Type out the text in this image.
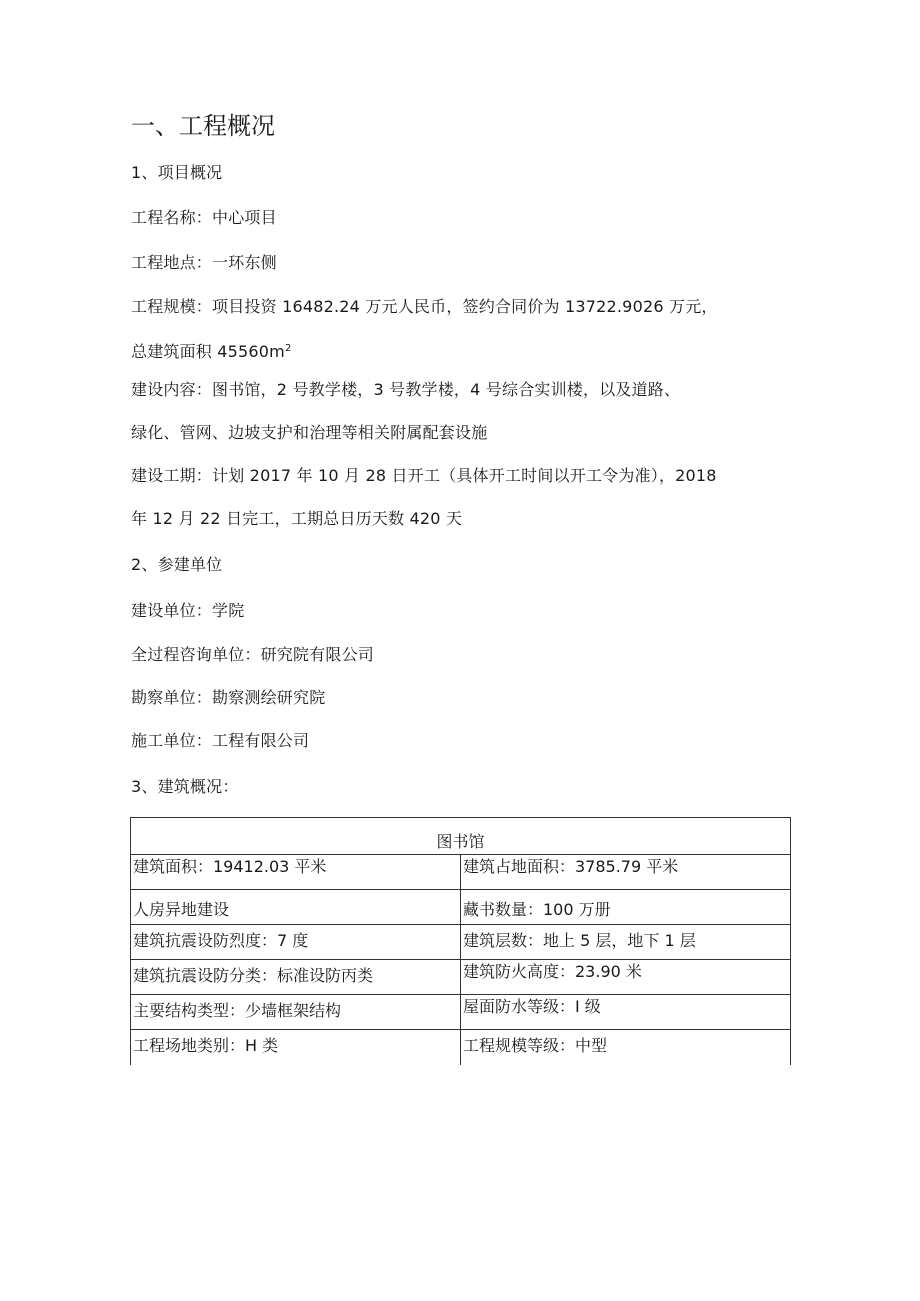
一、工程概况
1、项目概况
工程名称：中心项目
工程地点：一环东侧
工程规模：项目投资 16482.24 万元人民币，签约合同价为 13722.9026 万元，
总建筑面积 $45560m^2$
建设内容：图书馆，2 号教学楼，3 号教学楼，4 号综合实训楼，以及道路、
绿化、管网、边坡支护和治理等相关附属配套设施
建设工期：计划 2017 年 10 月 28 日开工（具体开工时间以开工令为准），2018
年 12 月 22 日完工，工期总日历天数 420 天
2、参建单位
建设单位：学院
全过程咨询单位：研究院有限公司
勘察单位：勘察测绘研究院
施工单位：工程有限公司
3、建筑概况：
图书馆	
建筑面积：19412.03 平米	建筑占地面积：3785.79 平米
人房异地建设	藏书数量：100 万册
建筑抗震设防烈度：7 度	建筑层数：地上 5 层，地下 1 层
建筑抗震设防分类：标准设防丙类	建筑防火高度：23.90 米
主要结构类型：少墙框架结构	屋面防水等级：I 级
工程场地类别：H 类	工程规模等级：中型
